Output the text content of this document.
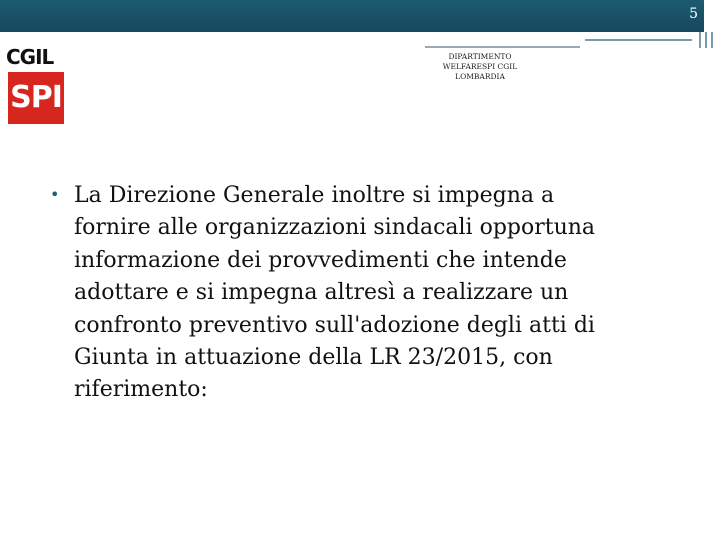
5
CGIL
SPI
DIPARTIMENTO
WELFARESPI CGIL
LOMBARDIA
• La Direzione Generale inoltre si impegna a
fornire alle organizzazioni sindacali opportuna
informazione dei provvedimenti che intende
adottare e si impegna altresì a realizzare un
confronto preventivo sull'adozione degli atti di
Giunta in attuazione della LR 23/2015, con
riferimento:
